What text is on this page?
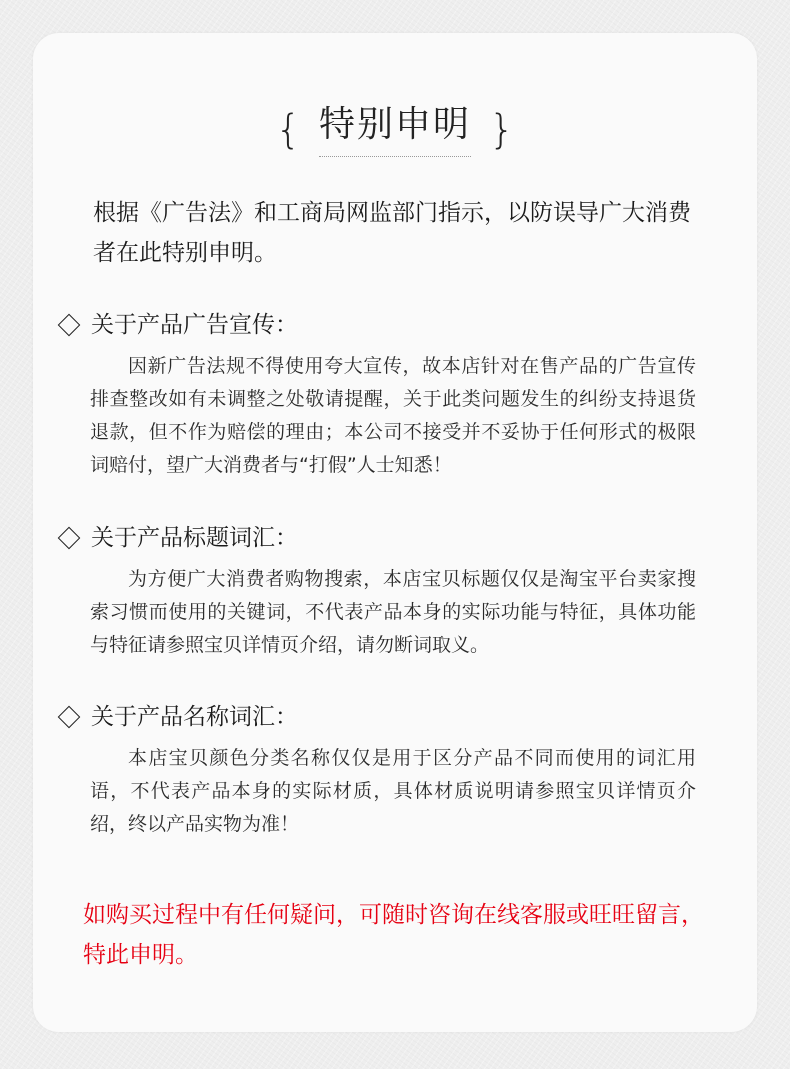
{ 特别申明 }
根据《广告法》和工商局网监部门指示，以防误导广大消费者在此特别申明。
关于产品广告宣传：
因新广告法规不得使用夸大宣传，故本店针对在售产品的广告宣传排查整改如有未调整之处敬请提醒，关于此类问题发生的纠纷支持退货退款，但不作为赔偿的理由；本公司不接受并不妥协于任何形式的极限词赔付，望广大消费者与“打假”人士知悉！
关于产品标题词汇：
为方便广大消费者购物搜索，本店宝贝标题仅仅是淘宝平台卖家搜索习惯而使用的关键词，不代表产品本身的实际功能与特征，具体功能与特征请参照宝贝详情页介绍，请勿断词取义。
关于产品名称词汇：
本店宝贝颜色分类名称仅仅是用于区分产品不同而使用的词汇用语，不代表产品本身的实际材质，具体材质说明请参照宝贝详情页介绍，终以产品实物为准！
如购买过程中有任何疑问，可随时咨询在线客服或旺旺留言，特此申明。
